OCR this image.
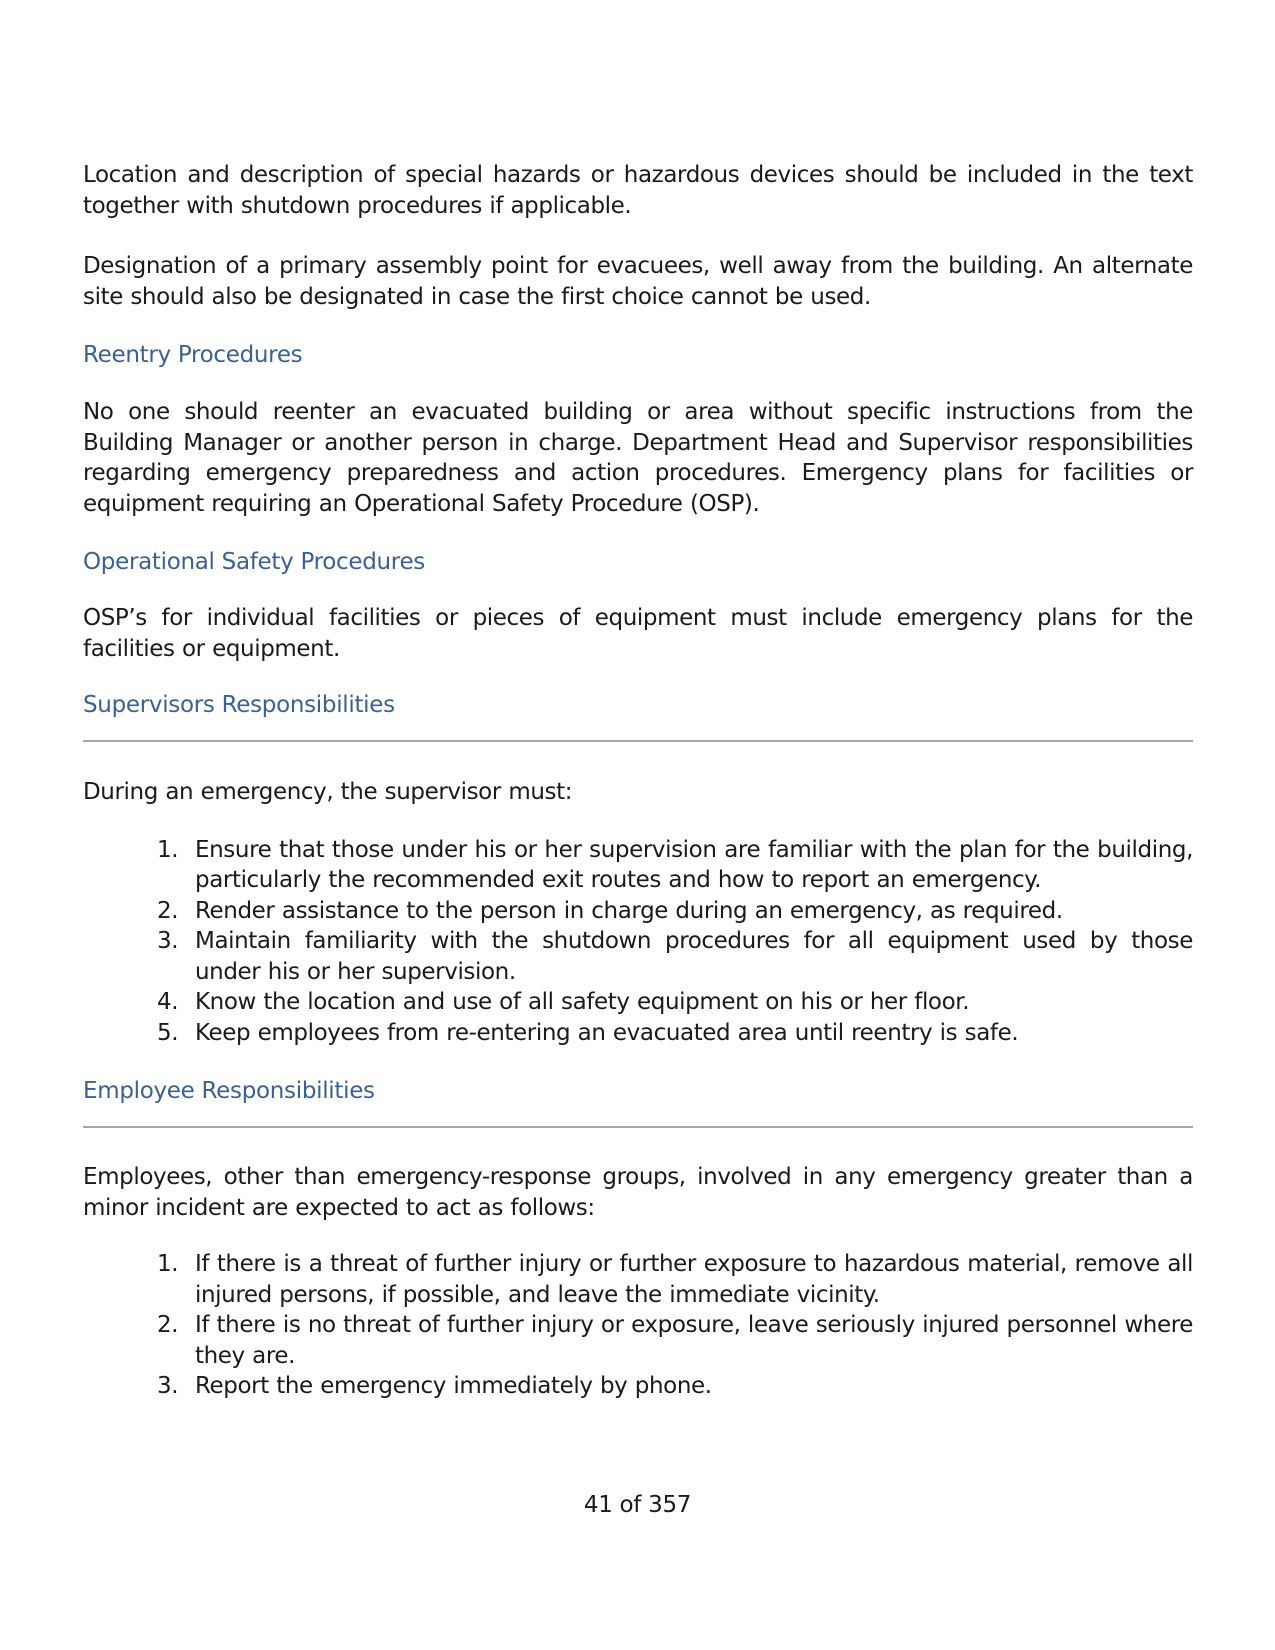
Location and description of special hazards or hazardous devices should be included in the text together with shutdown procedures if applicable.

Designation of a primary assembly point for evacuees, well away from the building. An alternate site should also be designated in case the first choice cannot be used.

Reentry Procedures

No one should reenter an evacuated building or area without specific instructions from the Building Manager or another person in charge. Department Head and Supervisor responsibilities regarding emergency preparedness and action procedures. Emergency plans for facilities or equipment requiring an Operational Safety Procedure (OSP).

Operational Safety Procedures

OSP’s for individual facilities or pieces of equipment must include emergency plans for the facilities or equipment.

Supervisors Responsibilities

During an emergency, the supervisor must:

1. Ensure that those under his or her supervision are familiar with the plan for the building, particularly the recommended exit routes and how to report an emergency.
2. Render assistance to the person in charge during an emergency, as required.
3. Maintain familiarity with the shutdown procedures for all equipment used by those under his or her supervision.
4. Know the location and use of all safety equipment on his or her floor.
5. Keep employees from re-entering an evacuated area until reentry is safe.
Employee Responsibilities

Employees, other than emergency-response groups, involved in any emergency greater than a minor incident are expected to act as follows:

1. If there is a threat of further injury or further exposure to hazardous material, remove all injured persons, if possible, and leave the immediate vicinity.
2. If there is no threat of further injury or exposure, leave seriously injured personnel where they are.
3. Report the emergency immediately by phone.
41 of 357
